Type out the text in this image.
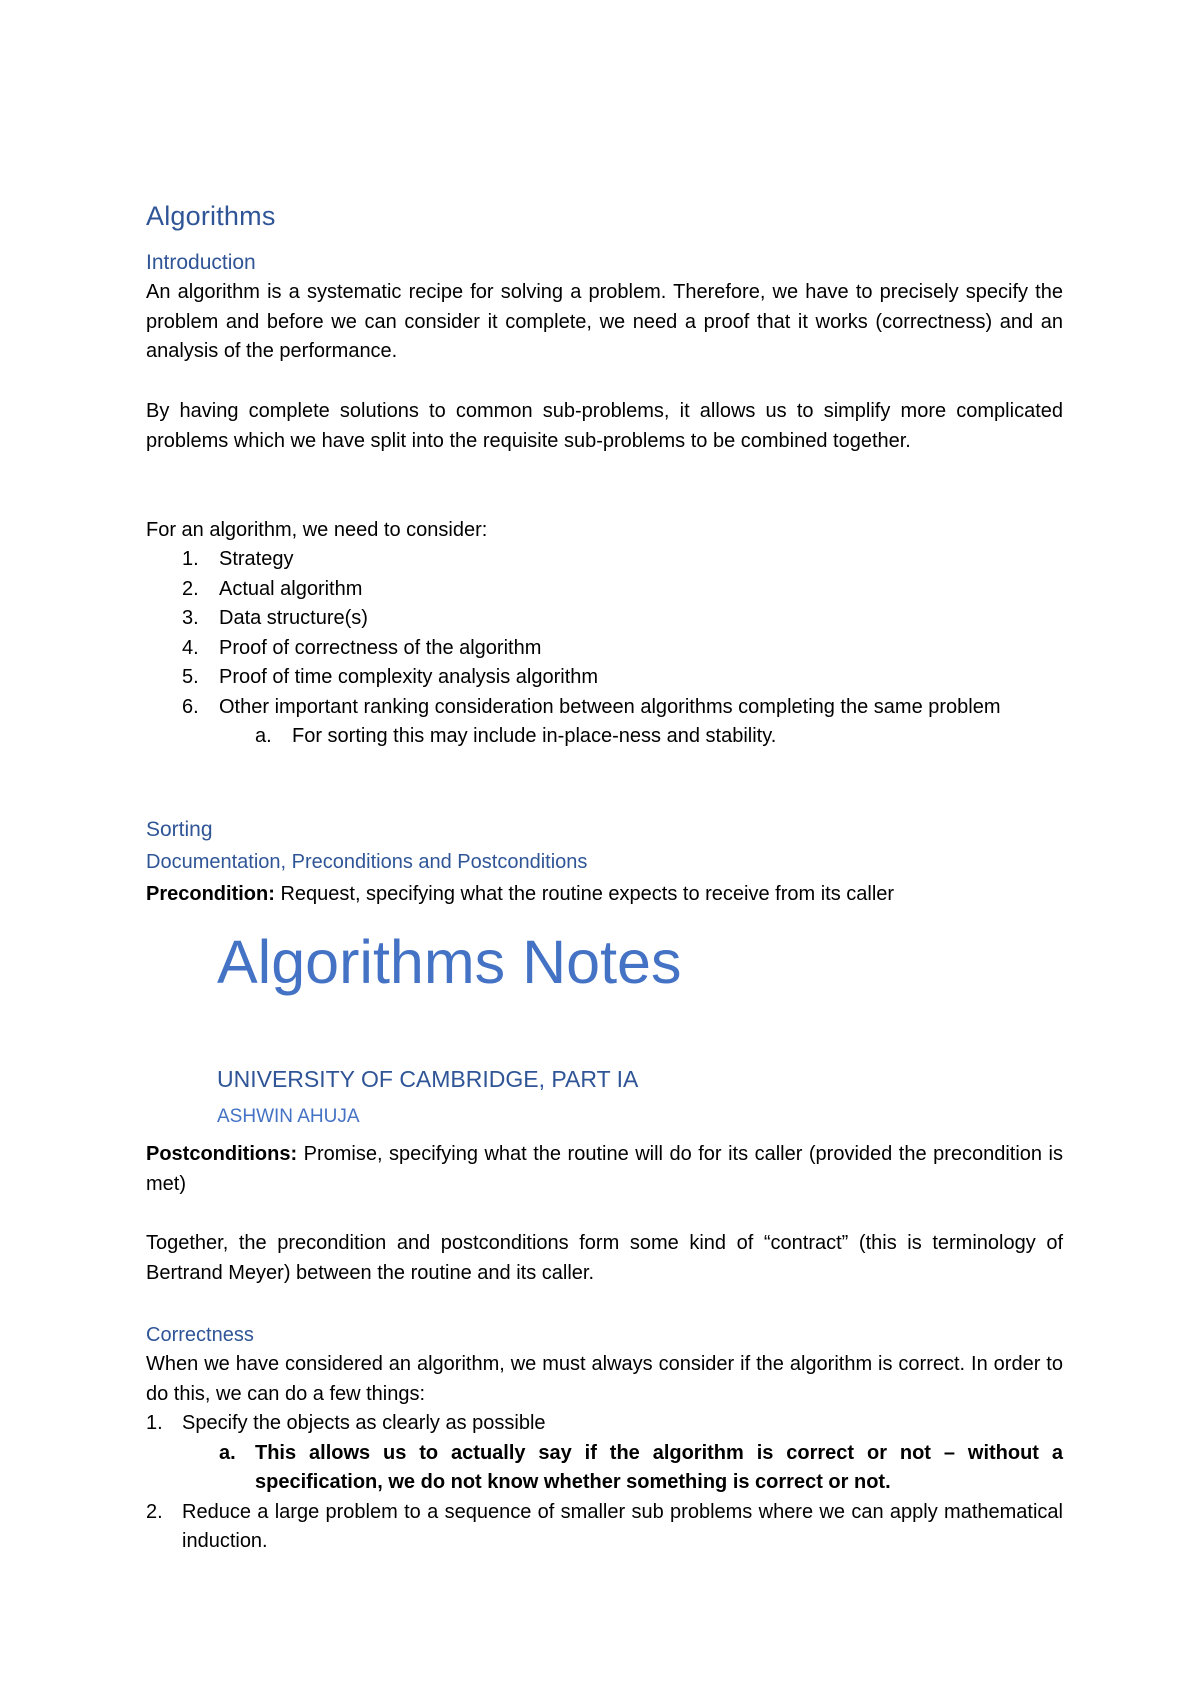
Algorithms
Introduction
An algorithm is a systematic recipe for solving a problem. Therefore, we have to precisely specify the problem and before we can consider it complete, we need a proof that it works (correctness) and an analysis of the performance.
By having complete solutions to common sub-problems, it allows us to simplify more complicated problems which we have split into the requisite sub-problems to be combined together.
For an algorithm, we need to consider:
1. Strategy
2. Actual algorithm
3. Data structure(s)
4. Proof of correctness of the algorithm
5. Proof of time complexity analysis algorithm
6. Other important ranking consideration between algorithms completing the same problem
a. For sorting this may include in-place-ness and stability.
Sorting
Documentation, Preconditions and Postconditions
Precondition: Request, specifying what the routine expects to receive from its caller
Algorithms Notes
UNIVERSITY OF CAMBRIDGE, PART IA
ASHWIN AHUJA
Postconditions: Promise, specifying what the routine will do for its caller (provided the precondition is met)
Together, the precondition and postconditions form some kind of “contract” (this is terminology of Bertrand Meyer) between the routine and its caller.
Correctness
When we have considered an algorithm, we must always consider if the algorithm is correct. In order to do this, we can do a few things:
1. Specify the objects as clearly as possible
a. This allows us to actually say if the algorithm is correct or not – without a specification, we do not know whether something is correct or not.
2. Reduce a large problem to a sequence of smaller sub problems where we can apply mathematical induction.
